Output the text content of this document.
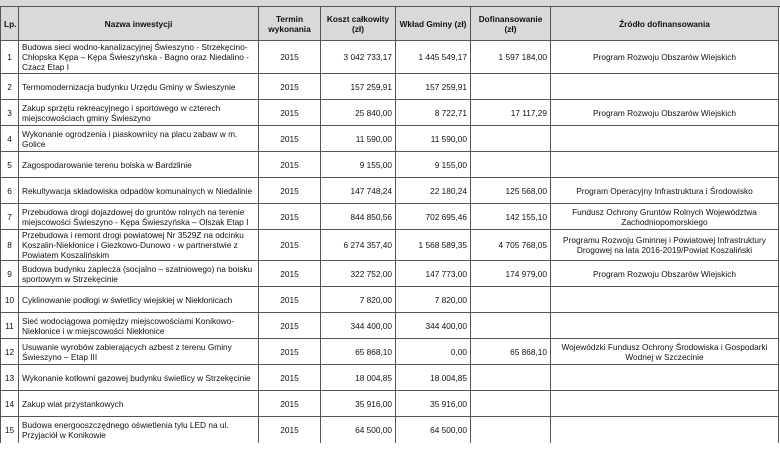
Lp.	Nazwa inwestycji	Termin wykonania	Koszt całkowity (zł)	Wkład Gminy (zł)	Dofinansowanie (zł)	Źródło dofinansowania
1	Budowa sieci wodno-kanalizacyjnej Świeszyno - Strzekęcino-Chłopska Kępa – Kępa Świeszyńska - Bagno oraz Niedalino - Czacz Etap I	2015	3 042 733,17	1 445 549,17	1 597 184,00	Program Rozwoju Obszarów Wiejskich
2	Termomodernizacja budynku Urzędu Gminy w Świeszynie	2015	157 259,91	157 259,91		
3	Zakup sprzętu rekreacyjnego i sportowego w czterech miejscowościach gminy Świeszyno	2015	25 840,00	8 722,71	17 117,29	Program Rozwoju Obszarów Wiejskich
4	Wykonanie ogrodzenia i piaskownicy na placu zabaw w m. Golice	2015	11 590,00	11 590,00		
5	Zagospodarowanie terenu boiska w Bardzlinie	2015	9 155,00	9 155,00		
6	Rekultywacja składowiska odpadów komunalnych w Niedalinie	2015	147 748,24	22 180,24	125 568,00	Program Operacyjny Infrastruktura i Środowisko
7	Przebudowa drogi dojazdowej do gruntów rolnych na terenie miejscowości Świeszyno - Kępa Świeszyńska – Olszak Etap I	2015	844 850,56	702 695,46	142 155,10	Fundusz Ochrony Gruntów Rolnych Województwa Zachodniopomorskiego
8	Przebudowa i remont drogi powiatowej Nr 3529Z na odcinku Koszalin-Niekłonice i Giezkowo-Dunowo - w partnerstwie z Powiatem Koszalińskim	2015	6 274 357,40	1 568 589,35	4 705 768,05	Programu Rozwoju Gminnej i Powiatowej Infrastruktury Drogowej na lata 2016-2019/Powiat Koszaliński
9	Budowa budynku zaplecza (socjalno – szatniowego) na boisku sportowym w Strzekęcinie	2015	322 752,00	147 773,00	174 979,00	Program Rozwoju Obszarów Wiejskich
10	Cyklinowanie podłogi w świetlicy wiejskiej w Niekłonicach	2015	7 820,00	7 820,00		
11	Sieć wodociągowa pomiędzy miejscowościami Konikowo-Niekłonice i w miejscowości Niekłonice	2015	344 400,00	344 400,00		
12	Usuwanie wyrobów zabierających azbest z terenu Gminy Świeszyno – Etap III	2015	65 868,10	0,00	65 868,10	Wojewódzki Fundusz Ochrony Środowiska i Gospodarki Wodnej w Szczecinie
13	Wykonanie kotłowni gazowej budynku świetlicy w Strzekęcinie	2015	18 004,85	18 004,85		
14	Zakup wiat przystankowych	2015	35 916,00	35 916,00		
15	Budowa energooszczędnego oświetlenia tylu LED na ul. Przyjaciół w Konikowie	2015	64 500,00	64 500,00		
